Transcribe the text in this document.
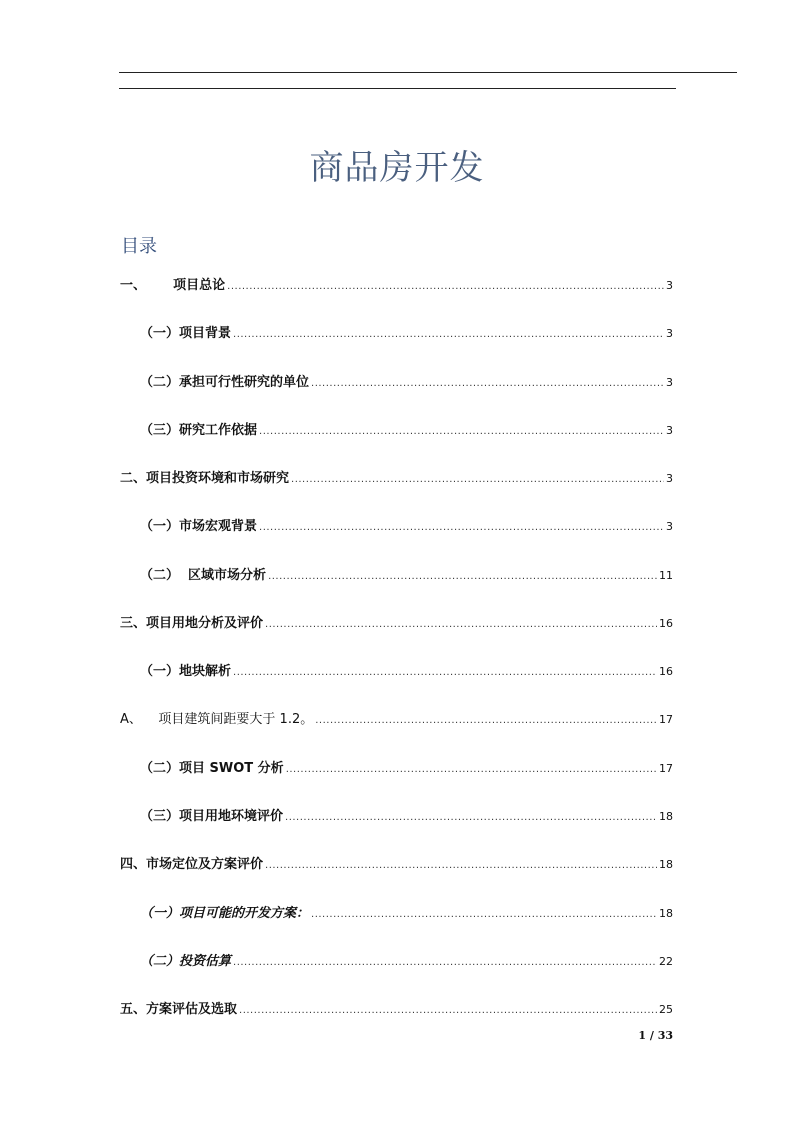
商品房开发
目录
一、      项目总论 .....	3
（一）项目背景 .....	3
（二）承担可行性研究的单位 .....	3
（三）研究工作依据 .....	3
二、项目投资环境和市场研究 .....	3
（一）市场宏观背景 .....	3
（二）  区域市场分析 .....	11
三、项目用地分析及评价 .....	16
（一）地块解析 .....	16
A、    项目建筑间距要大于 1.2。 .....	17
（二）项目 SWOT 分析 .....	17
（三）项目用地环境评价 .....	18
四、市场定位及方案评价 .....	18
（一）项目可能的开发方案： .....	18
（二）投资估算 .....	22
五、方案评估及选取 .....	25
1 / 33
